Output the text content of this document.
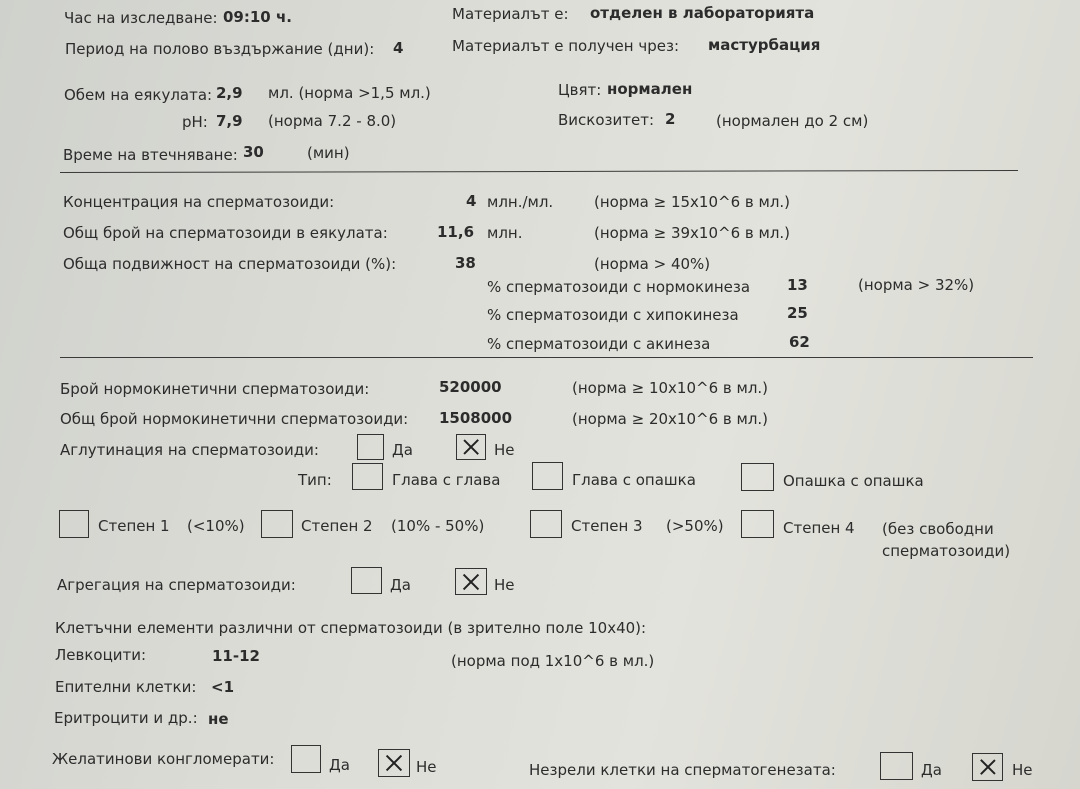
Час на изследване: 09:10 ч.
Период на полово въздържание (дни): 4
Материалът е: отделен в лабораторията
Материалът е получен чрез: мастурбация
Обем на еякулата: 2,9 мл. (норма >1,5 мл.)
pH: 7,9 (норма 7.2 - 8.0)
Цвят: нормален
Вискозитет: 2	(нормален до 2 см)
Време на втечняване: 30	(мин)
Концентрация на сперматозоиди:	4 млн./мл.	(норма ≥ 15x10^6 в мл.)
Общ брой на сперматозоиди в еякулата:	11,6 млн.	(норма ≥ 39x10^6 в мл.)
Обща подвижност на сперматозоиди (%):	38	(норма > 40%)
% сперматозоиди с нормокинеза 13	(норма > 32%)
% сперматозоиди с хипокинеза	25
% сперматозоиди с акинеза	62
Брой нормокинетични сперматозоиди:	520000	(норма ≥ 10x10^6 в мл.)
Общ брой нормокинетични сперматозоиди: 1508000	(норма ≥ 20x10^6 в мл.)
Аглутинация на сперматозоиди:	Да	Не
Тип:	Глава с глава	Глава с опашка	Опашка с опашка
Степен 1 (<10%)	Степен 2 (10% - 50%)	Степен 3 (>50%)	Степен 4 (без свободни
сперматозоиди)
Агрегация на сперматозоиди:	Да	Не
Клетъчни елементи различни от сперматозоиди (в зрително поле 10x40):
Левкоцити:	11-12	(норма под 1x10^6 в мл.)
Епителни клетки: <1
Еритроцити и др.: не
Желатинови конгломерати:	Да	Не	Незрели клетки на сперматогенезата:	Да	Не
